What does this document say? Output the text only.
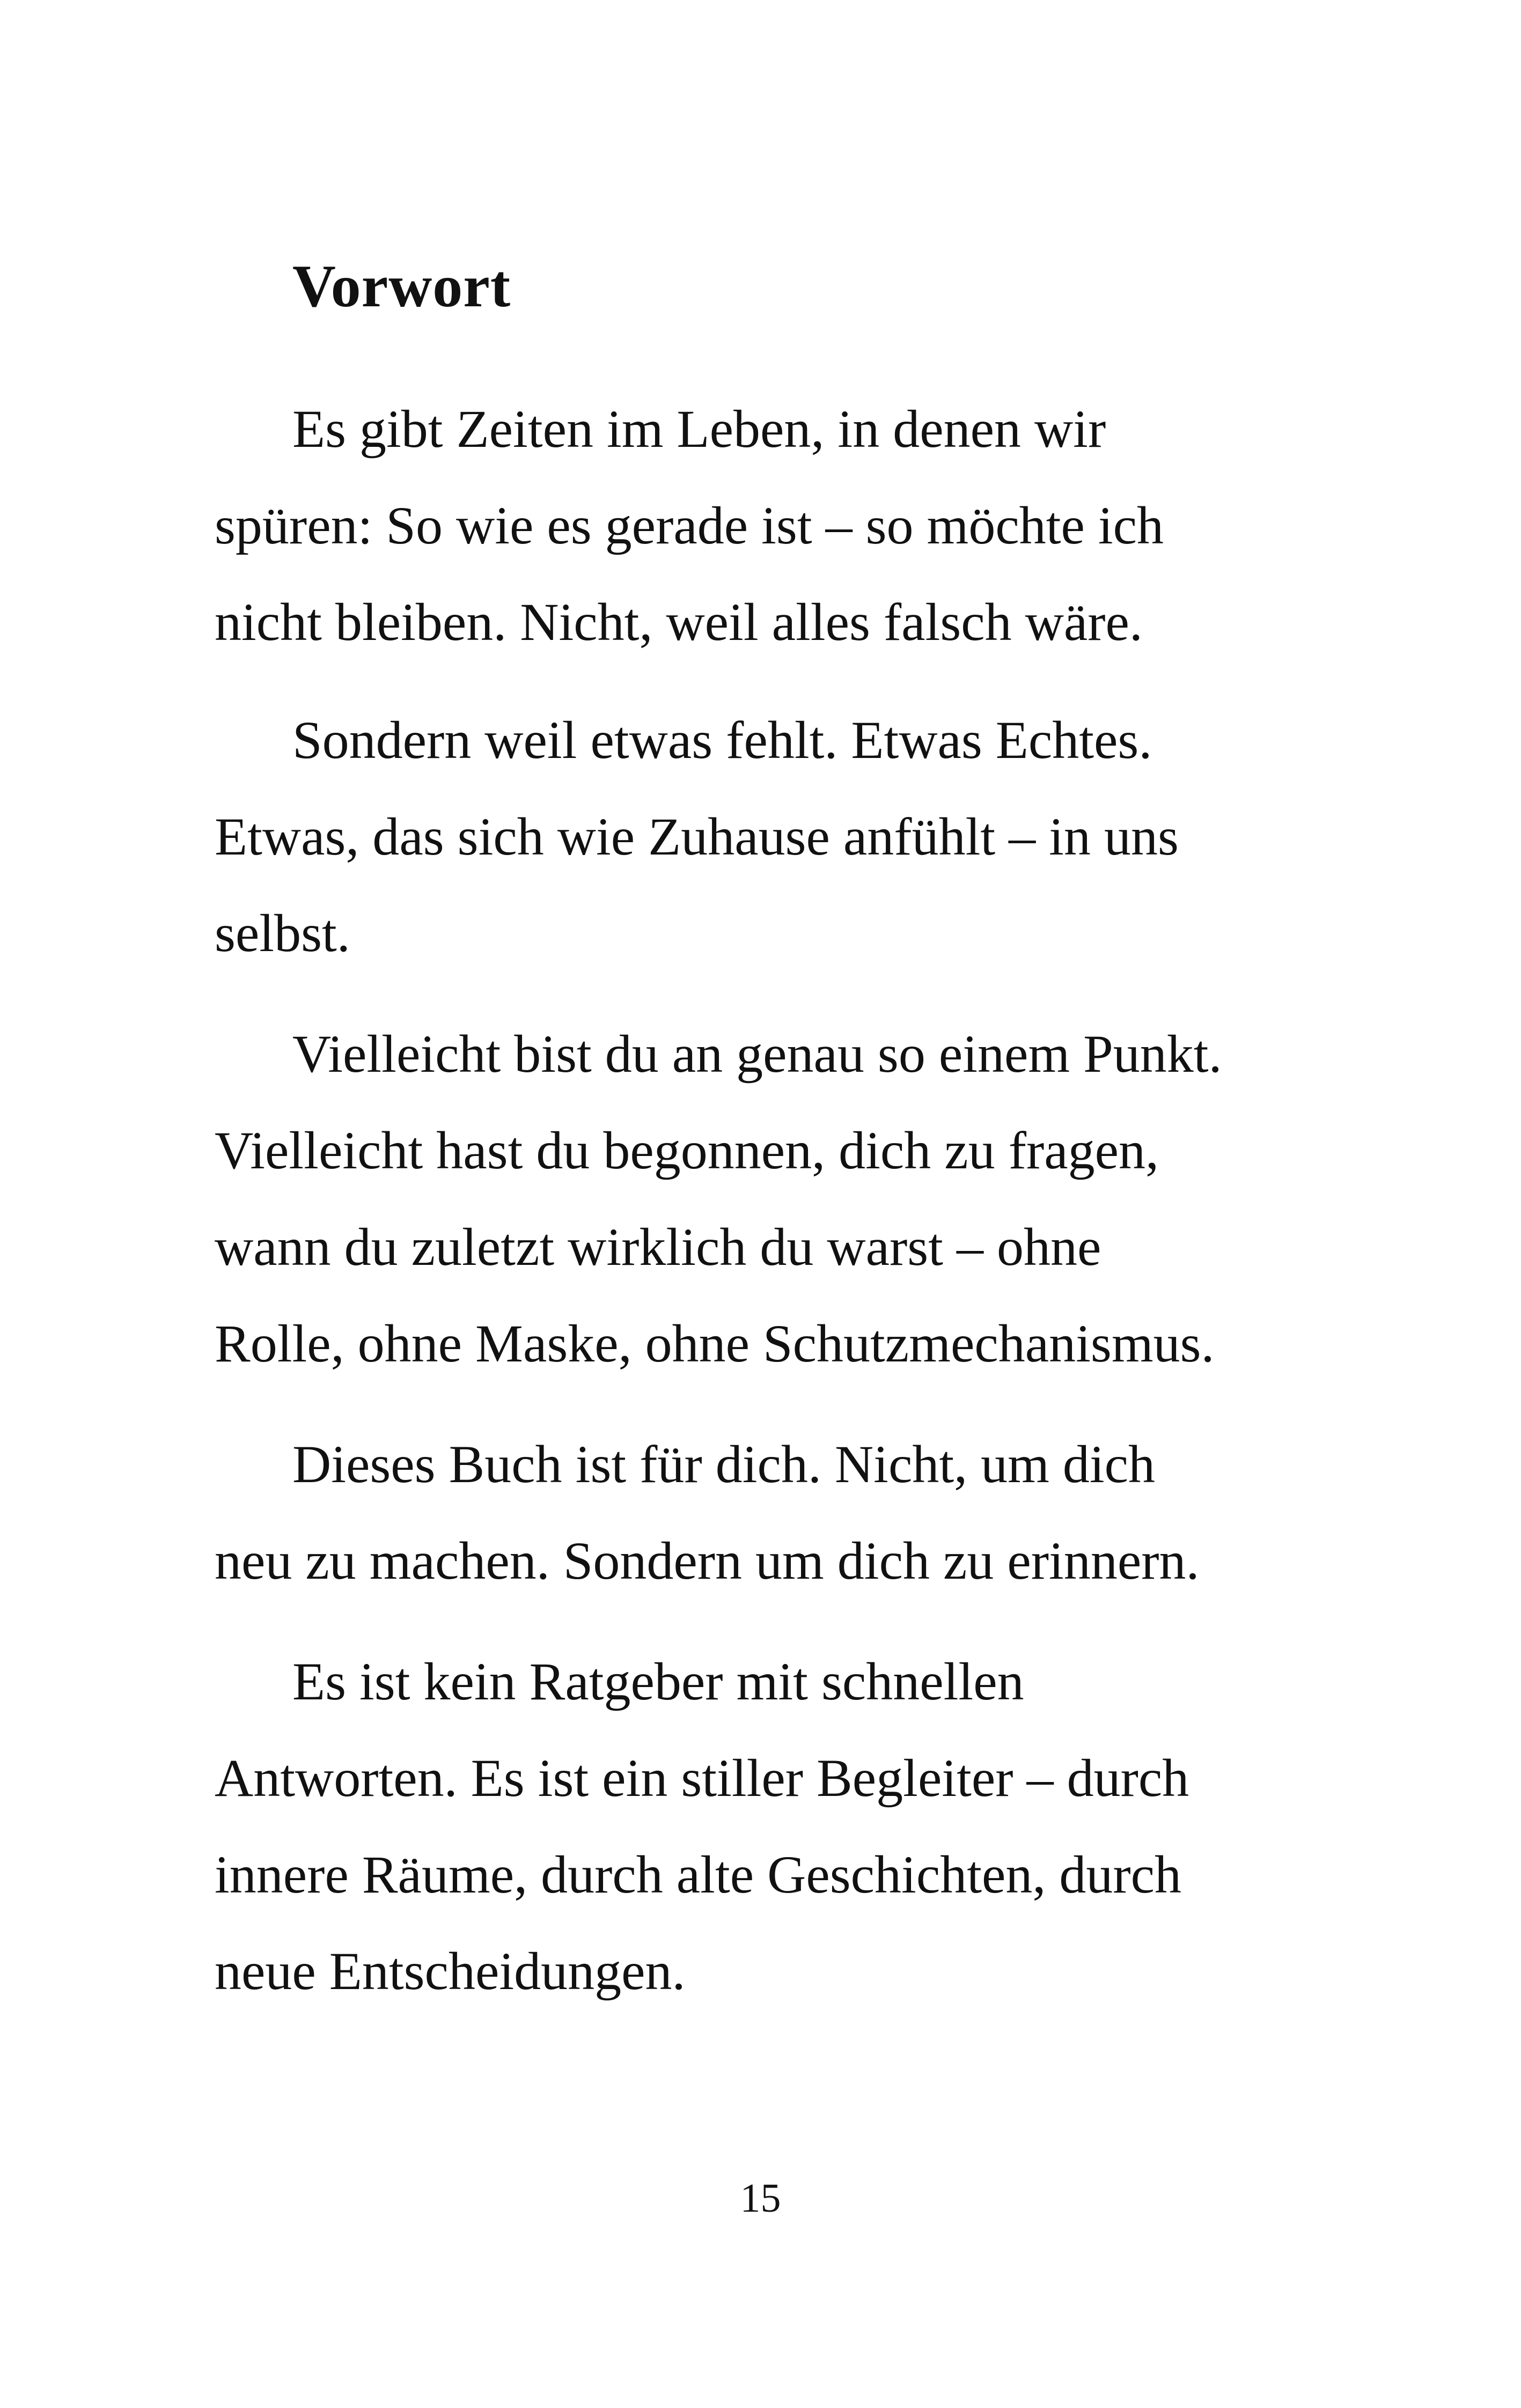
Vorwort

Es gibt Zeiten im Leben, in denen wir

spüren: So wie es gerade ist – so möchte ich

nicht bleiben. Nicht, weil alles falsch wäre.

Sondern weil etwas fehlt. Etwas Echtes.

Etwas, das sich wie Zuhause anfühlt – in uns

selbst.

Vielleicht bist du an genau so einem Punkt.

Vielleicht hast du begonnen, dich zu fragen,

wann du zuletzt wirklich du warst – ohne

Rolle, ohne Maske, ohne Schutzmechanismus.

Dieses Buch ist für dich. Nicht, um dich

neu zu machen. Sondern um dich zu erinnern.

Es ist kein Ratgeber mit schnellen

Antworten. Es ist ein stiller Begleiter – durch

innere Räume, durch alte Geschichten, durch

neue Entscheidungen.

15
